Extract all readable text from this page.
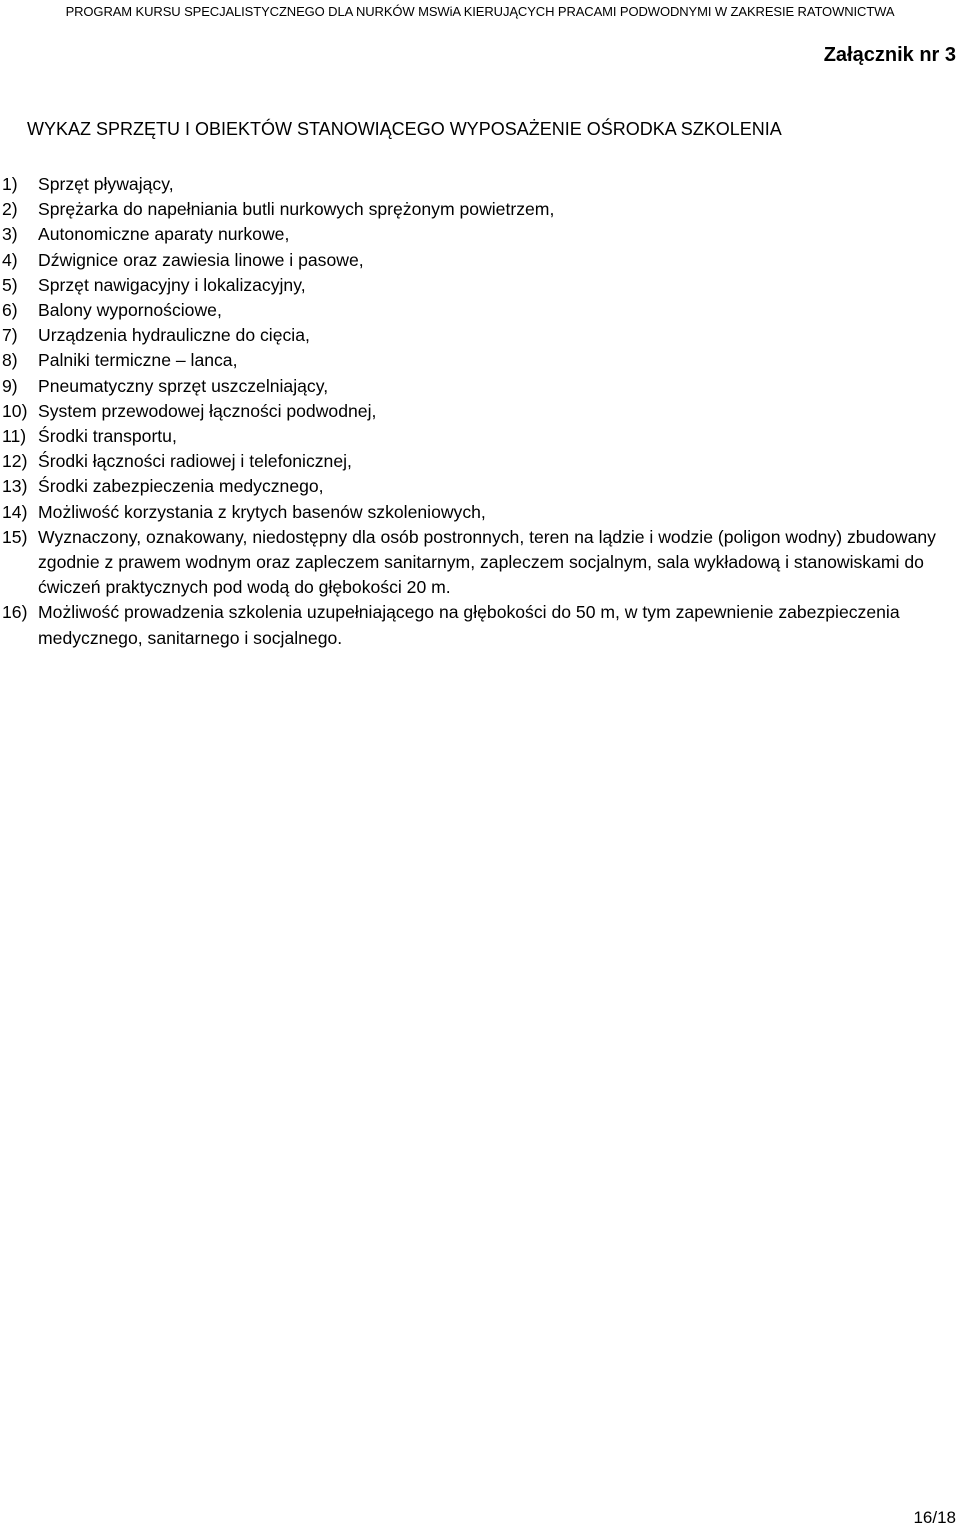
PROGRAM KURSU SPECJALISTYCZNEGO DLA NURKÓW MSWiA KIERUJĄCYCH PRACAMI PODWODNYMI W ZAKRESIE RATOWNICTWA
Załącznik nr 3
WYKAZ SPRZĘTU I OBIEKTÓW STANOWIĄCEGO WYPOSAŻENIE OŚRODKA SZKOLENIA
1)	Sprzęt pływający,
2)	Sprężarka do napełniania butli nurkowych sprężonym powietrzem,
3)	Autonomiczne aparaty nurkowe,
4)	Dźwignice oraz zawiesia linowe i pasowe,
5)	Sprzęt nawigacyjny i lokalizacyjny,
6)	Balony wypornościowe,
7)	Urządzenia hydrauliczne do cięcia,
8)	Palniki termiczne – lanca,
9)	Pneumatyczny sprzęt uszczelniający,
10) System przewodowej łączności podwodnej,
11) Środki transportu,
12) Środki łączności radiowej i telefonicznej,
13) Środki zabezpieczenia medycznego,
14) Możliwość korzystania z krytych basenów szkoleniowych,
15) Wyznaczony, oznakowany, niedostępny dla osób postronnych, teren na lądzie i wodzie (poligon wodny) zbudowany zgodnie z prawem wodnym oraz zapleczem sanitarnym, zapleczem socjalnym, sala wykładową i stanowiskami do ćwiczeń praktycznych pod wodą do głębokości 20 m.
16) Możliwość prowadzenia szkolenia uzupełniającego na głębokości do 50 m, w tym zapewnienie zabezpieczenia medycznego, sanitarnego i socjalnego.
16/18
